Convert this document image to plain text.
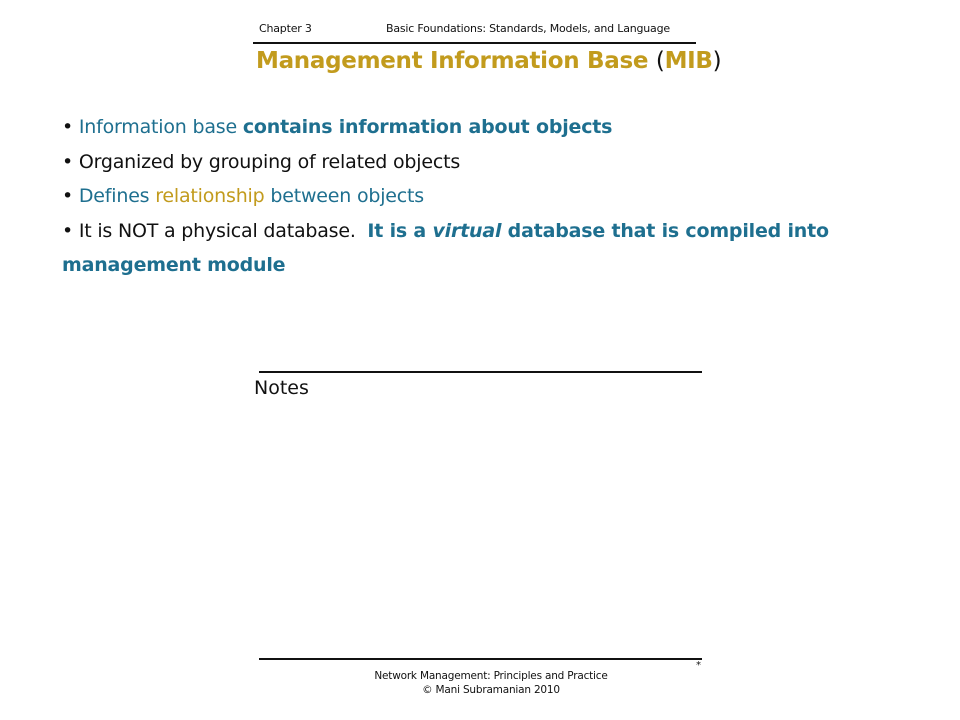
Chapter 3	Basic Foundations: Standards, Models, and Language
Management Information Base (MIB)
• Information base contains information about objects
• Organized by grouping of related objects
• Defines relationship between objects
• It is NOT a physical database.  It is a virtual database that is compiled into
management module
Notes
Network Management: Principles and Practice
© Mani Subramanian 2010
*
